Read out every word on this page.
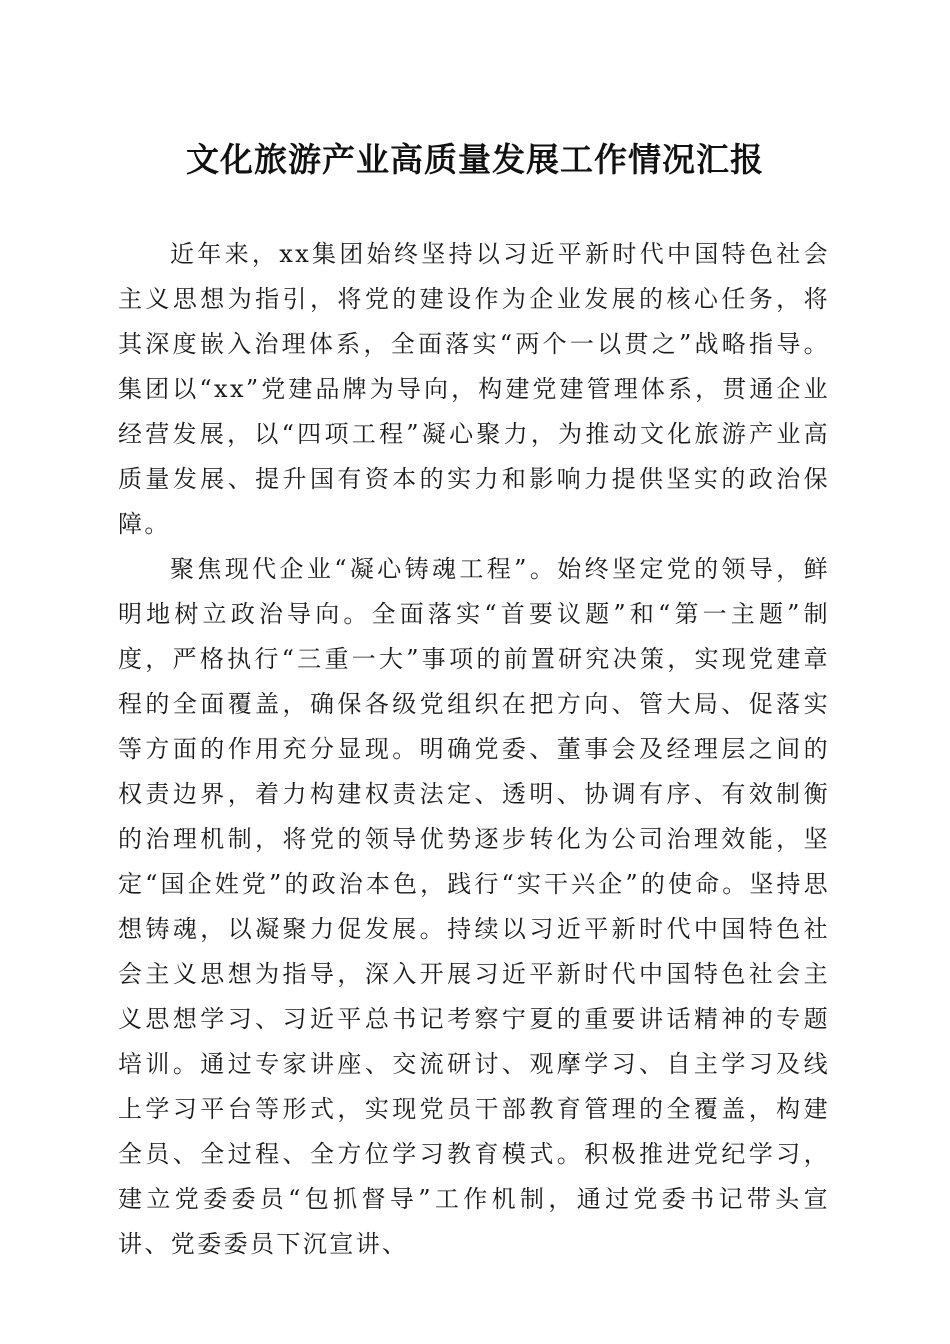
文化旅游产业高质量发展工作情况汇报

近年来，xx集团始终坚持以习近平新时代中国特色社会主义思想为指引，将党的建设作为企业发展的核心任务，将其深度嵌入治理体系，全面落实“两个一以贯之”战略指导。集团以“xx”党建品牌为导向，构建党建管理体系，贯通企业经营发展，以“四项工程”凝心聚力，为推动文化旅游产业高质量发展、提升国有资本的实力和影响力提供坚实的政治保障。

聚焦现代企业“凝心铸魂工程”。始终坚定党的领导，鲜明地树立政治导向。全面落实“首要议题”和“第一主题”制度，严格执行“三重一大”事项的前置研究决策，实现党建章程的全面覆盖，确保各级党组织在把方向、管大局、促落实等方面的作用充分显现。明确党委、董事会及经理层之间的权责边界，着力构建权责法定、透明、协调有序、有效制衡的治理机制，将党的领导优势逐步转化为公司治理效能，坚定“国企姓党”的政治本色，践行“实干兴企”的使命。坚持思想铸魂，以凝聚力促发展。持续以习近平新时代中国特色社会主义思想为指导，深入开展习近平新时代中国特色社会主义思想学习、习近平总书记考察宁夏的重要讲话精神的专题培训。通过专家讲座、交流研讨、观摩学习、自主学习及线上学习平台等形式，实现党员干部教育管理的全覆盖，构建全员、全过程、全方位学习教育模式。积极推进党纪学习，建立党委委员“包抓督导”工作机制，通过党委书记带头宣讲、党委委员下沉宣讲、
